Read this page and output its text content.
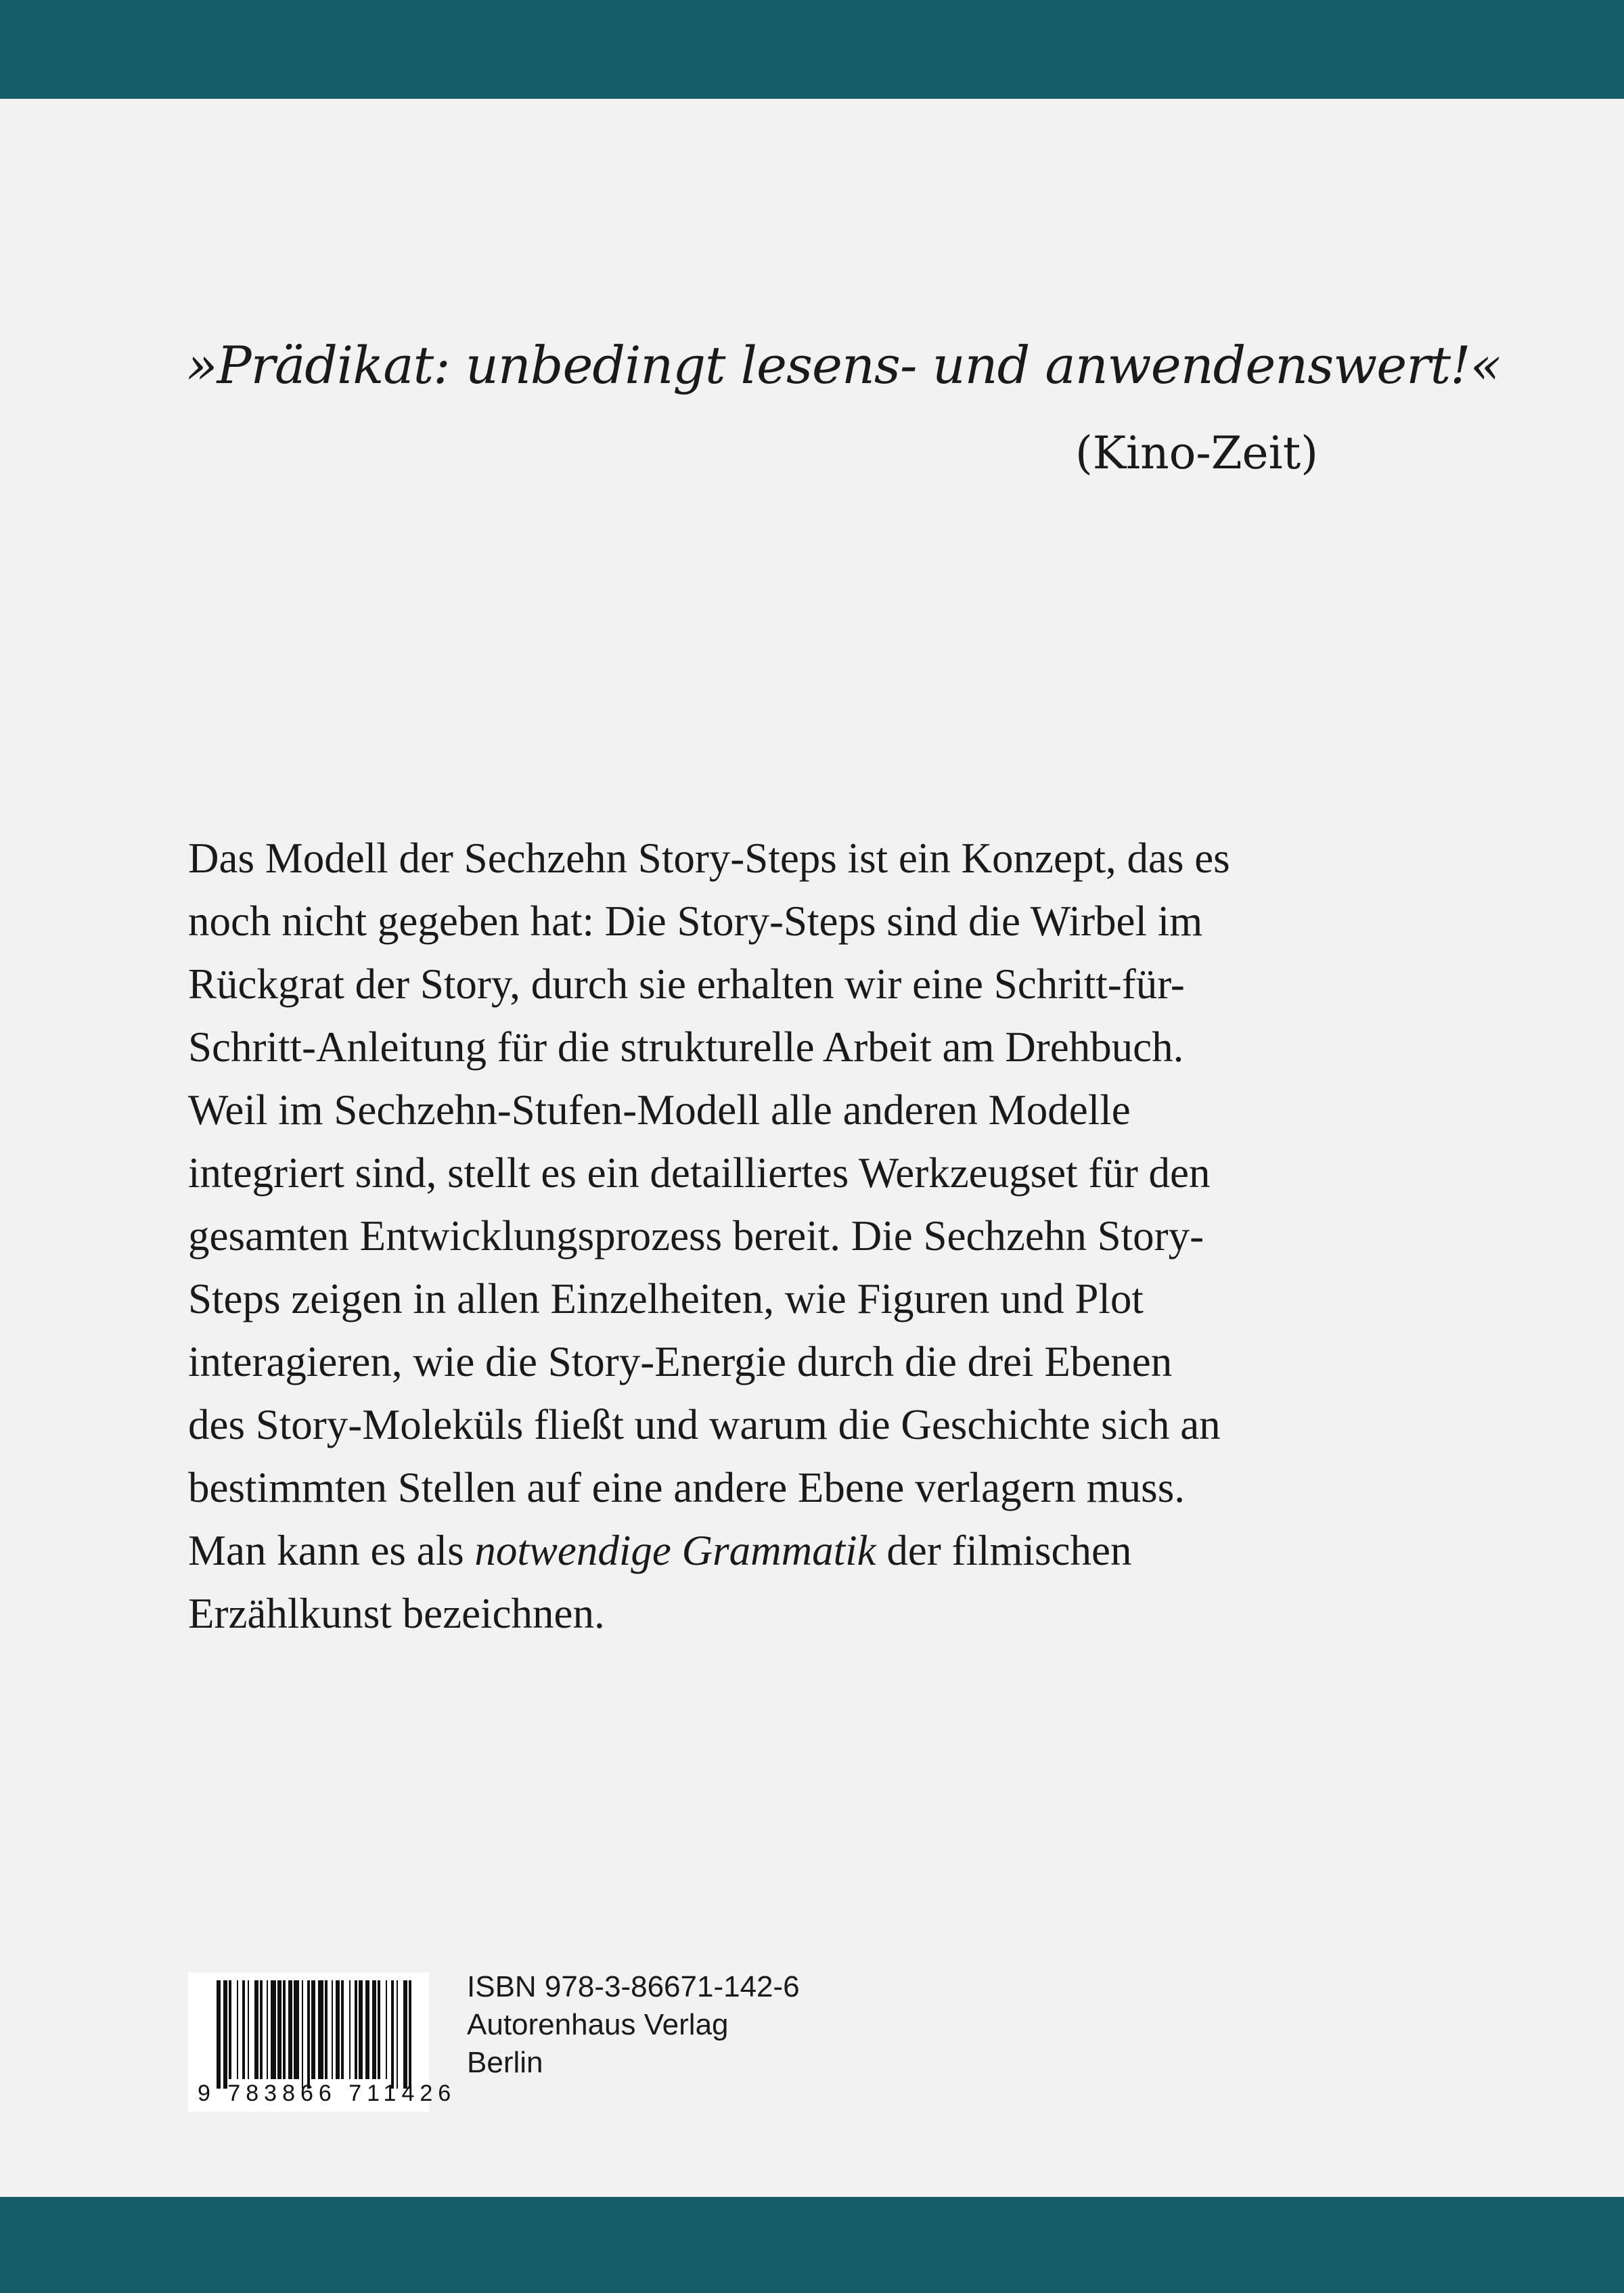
»Prädikat: unbedingt lesens- und anwendenswert!«

(Kino-Zeit)

Das Modell der Sechzehn Story-Steps ist ein Konzept, das es
noch nicht gegeben hat: Die Story-Steps sind die Wirbel im
Rückgrat der Story, durch sie erhalten wir eine Schritt-für-
Schritt-Anleitung für die strukturelle Arbeit am Drehbuch.
Weil im Sechzehn-Stufen-Modell alle anderen Modelle
integriert sind, stellt es ein detailliertes Werkzeugset für den
gesamten Entwicklungsprozess bereit. Die Sechzehn Story-
Steps zeigen in allen Einzelheiten, wie Figuren und Plot
interagieren, wie die Story-Energie durch die drei Ebenen
des Story-Moleküls fließt und warum die Geschichte sich an
bestimmten Stellen auf eine andere Ebene verlagern muss.
Man kann es als notwendige Grammatik der filmischen
Erzählkunst bezeichnen.
9 783866 711426
ISBN 978-3-86671-142-6
Autorenhaus Verlag
Berlin
